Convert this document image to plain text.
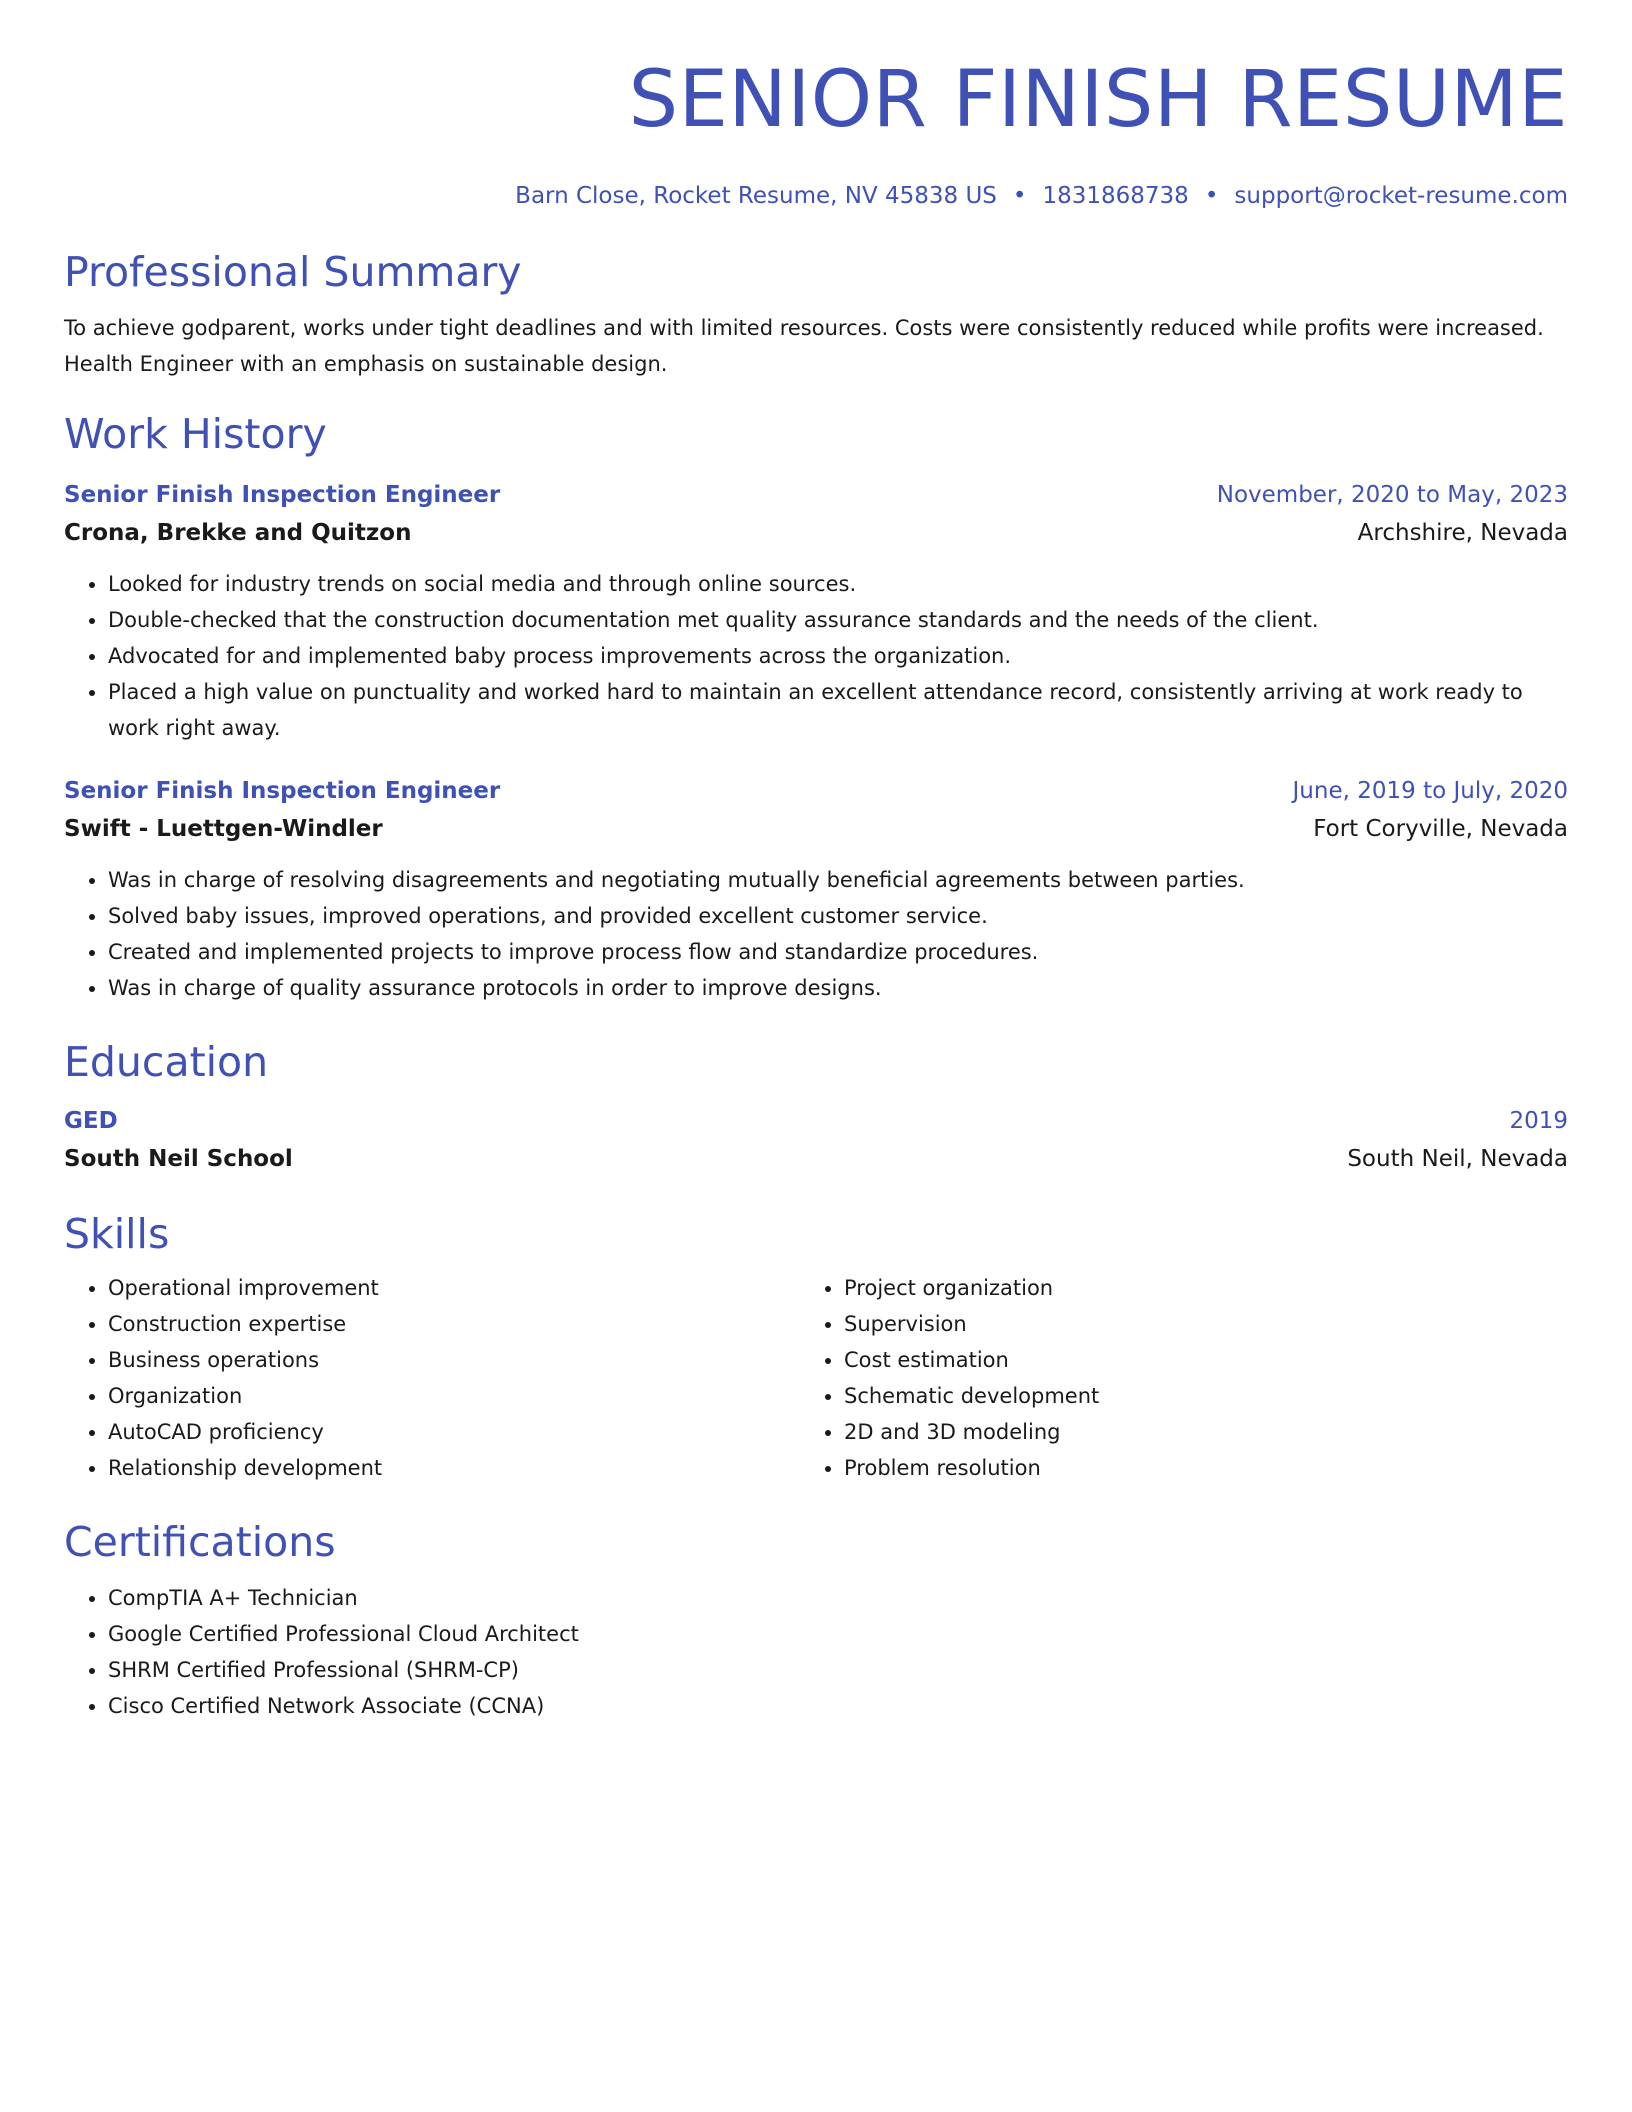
SENIOR FINISH RESUME
Barn Close, Rocket Resume, NV 45838 US • 1831868738 • support@rocket-resume.com
Professional Summary
To achieve godparent, works under tight deadlines and with limited resources. Costs were consistently reduced while profits were increased. Health Engineer with an emphasis on sustainable design.
Work History
Senior Finish Inspection Engineer	November, 2020 to May, 2023
Crona, Brekke and Quitzon	Archshire, Nevada
• Looked for industry trends on social media and through online sources.
• Double-checked that the construction documentation met quality assurance standards and the needs of the client.
• Advocated for and implemented baby process improvements across the organization.
• Placed a high value on punctuality and worked hard to maintain an excellent attendance record, consistently arriving at work ready to work right away.
Senior Finish Inspection Engineer	June, 2019 to July, 2020
Swift - Luettgen-Windler	Fort Coryville, Nevada
• Was in charge of resolving disagreements and negotiating mutually beneficial agreements between parties.
• Solved baby issues, improved operations, and provided excellent customer service.
• Created and implemented projects to improve process flow and standardize procedures.
• Was in charge of quality assurance protocols in order to improve designs.
Education
GED	2019
South Neil School	South Neil, Nevada
Skills
• Operational improvement
• Construction expertise
• Business operations
• Organization
• AutoCAD proficiency
• Relationship development
• Project organization
• Supervision
• Cost estimation
• Schematic development
• 2D and 3D modeling
• Problem resolution
Certifications
• CompTIA A+ Technician
• Google Certified Professional Cloud Architect
• SHRM Certified Professional (SHRM-CP)
• Cisco Certified Network Associate (CCNA)
